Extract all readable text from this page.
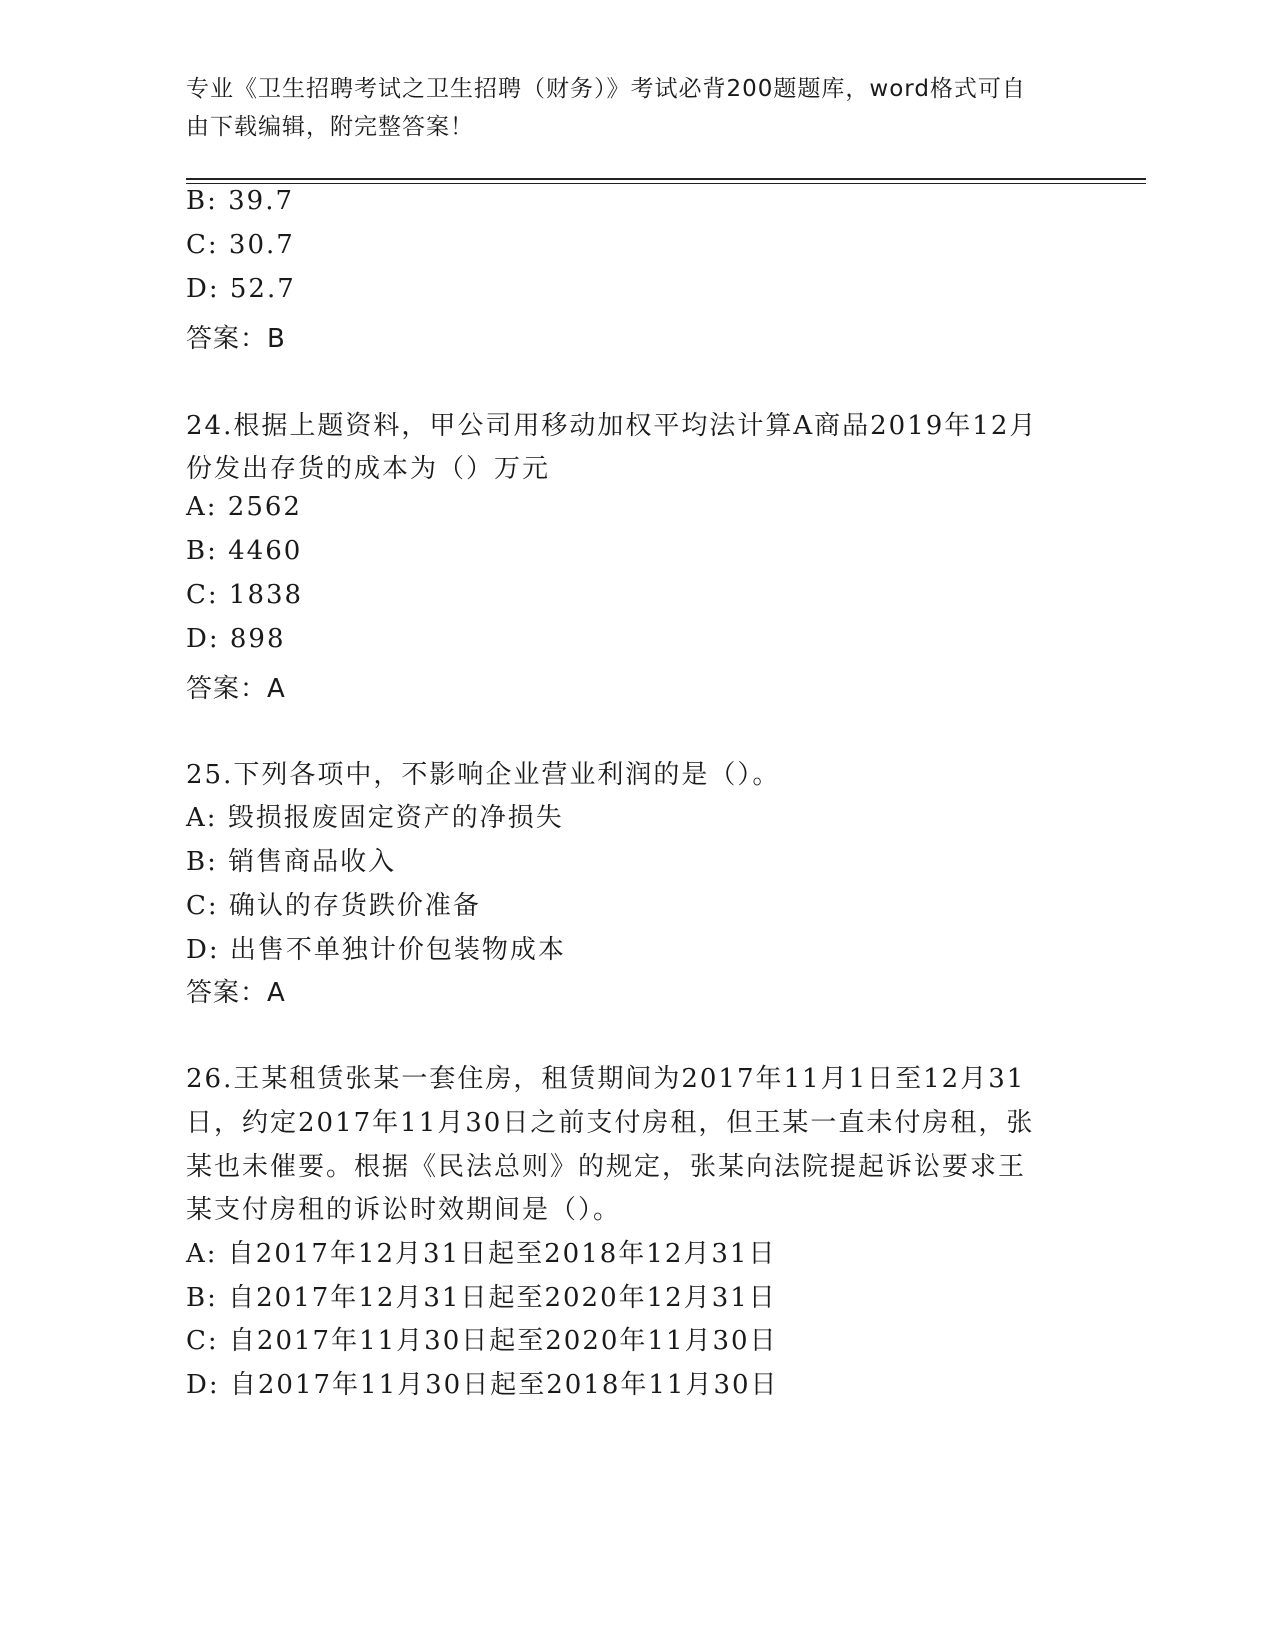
专业《卫生招聘考试之卫生招聘（财务）》考试必背200题题库，word格式可自
由下载编辑，附完整答案！
B: 39.7
C: 30.7
D: 52.7
答案：B
24.根据上题资料，甲公司用移动加权平均法计算A商品2019年12月
份发出存货的成本为（）万元
A: 2562
B: 4460
C: 1838
D: 898
答案：A
25.下列各项中，不影响企业营业利润的是（）。
A: 毁损报废固定资产的净损失
B: 销售商品收入
C: 确认的存货跌价准备
D: 出售不单独计价包装物成本
答案：A
26.王某租赁张某一套住房，租赁期间为2017年11月1日至12月31
日，约定2017年11月30日之前支付房租，但王某一直未付房租，张
某也未催要。根据《民法总则》的规定，张某向法院提起诉讼要求王
某支付房租的诉讼时效期间是（）。
A: 自2017年12月31日起至2018年12月31日
B: 自2017年12月31日起至2020年12月31日
C: 自2017年11月30日起至2020年11月30日
D: 自2017年11月30日起至2018年11月30日
